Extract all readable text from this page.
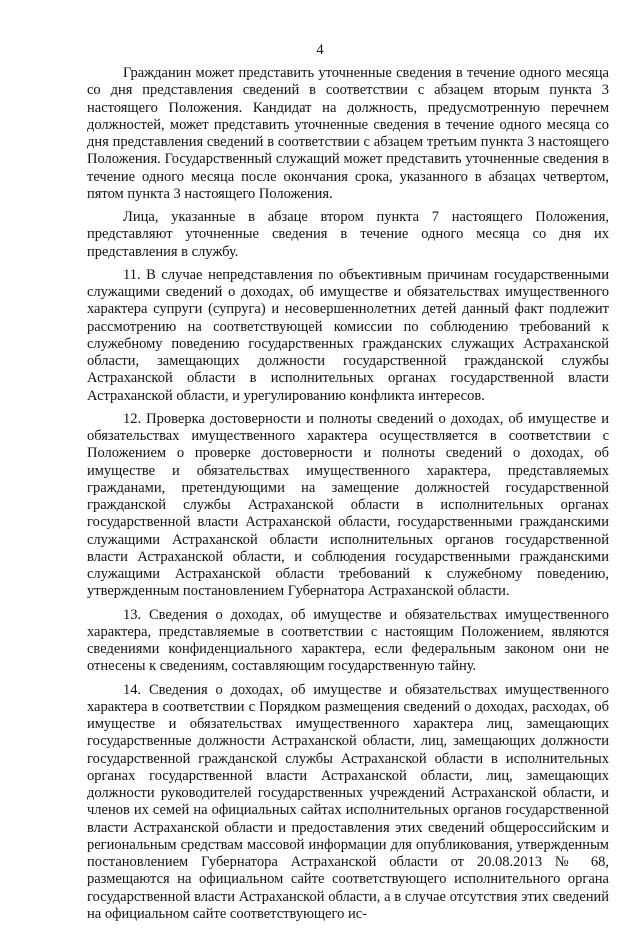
4

Гражданин может представить уточненные сведения в течение одного месяца со дня представления сведений в соответствии с абзацем вторым пункта 3 настоящего Положения. Кандидат на должность, предусмотренную перечнем должностей, может представить уточненные сведения в течение одного месяца со дня представления сведений в соответствии с абзацем третьим пункта 3 настоящего Положения. Государственный служащий может представить уточненные сведения в течение одного месяца после окончания срока, указанного в абзацах четвертом, пятом пункта 3 настоящего Положения.

Лица, указанные в абзаце втором пункта 7 настоящего Положения, представляют уточненные сведения в течение одного месяца со дня их представления в службу.

11. В случае непредставления по объективным причинам государственными служащими сведений о доходах, об имуществе и обязательствах имущественного характера супруги (супруга) и несовершеннолетних детей данный факт подлежит рассмотрению на соответствующей комиссии по соблюдению требований к служебному поведению государственных гражданских служащих Астраханской области, замещающих должности государственной гражданской службы Астраханской области в исполнительных органах государственной власти Астраханской области, и урегулированию конфликта интересов.

12. Проверка достоверности и полноты сведений о доходах, об имуществе и обязательствах имущественного характера осуществляется в соответствии с Положением о проверке достоверности и полноты сведений о доходах, об имуществе и обязательствах имущественного характера, представляемых гражданами, претендующими на замещение должностей государственной гражданской службы Астраханской области в исполнительных органах государственной власти Астраханской области, государственными гражданскими служащими Астраханской области исполнительных органов государственной власти Астраханской области, и соблюдения государственными гражданскими служащими Астраханской области требований к служебному поведению, утвержденным постановлением Губернатора Астраханской области.

13. Сведения о доходах, об имуществе и обязательствах имущественного характера, представляемые в соответствии с настоящим Положением, являются сведениями конфиденциального характера, если федеральным законом они не отнесены к сведениям, составляющим государственную тайну.

14. Сведения о доходах, об имуществе и обязательствах имущественного характера в соответствии с Порядком размещения сведений о доходах, расходах, об имуществе и обязательствах имущественного характера лиц, замещающих государственные должности Астраханской области, лиц, замещающих должности государственной гражданской службы Астраханской области в исполнительных органах государственной власти Астраханской области, лиц, замещающих должности руководителей государственных учреждений Астраханской области, и членов их семей на официальных сайтах исполнительных органов государственной власти Астраханской области и предоставления этих сведений общероссийским и региональным средствам массовой информации для опубликования, утвержденным постановлением Губернатора Астраханской области от 20.08.2013 № 68, размещаются на официальном сайте соответствующего исполнительного органа государственной власти Астраханской области, а в случае отсутствия этих сведений на официальном сайте соответствующего ис-
